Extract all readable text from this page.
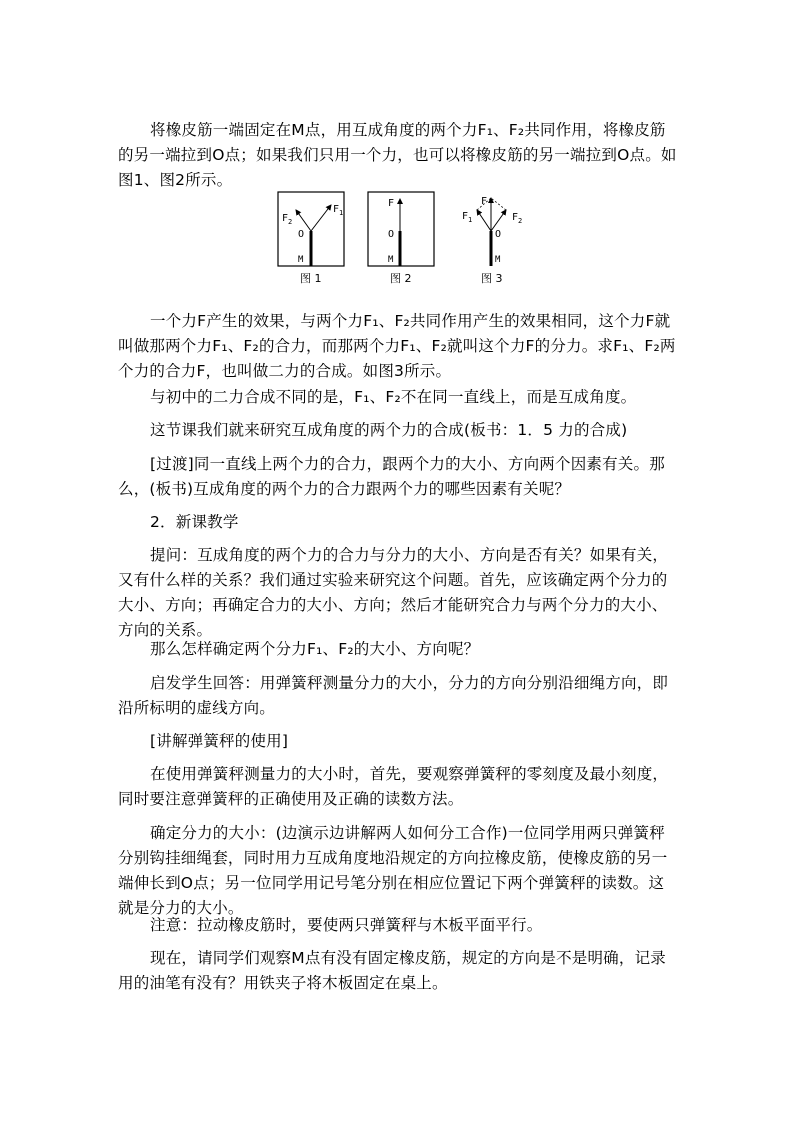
将橡皮筋一端固定在M点，用互成角度的两个力F₁、F₂共同作用，将橡皮筋的另一端拉到O点；如果我们只用一个力，也可以将橡皮筋的另一端拉到O点。如图1、图2所示。

F 2
F 1
O
M
F
O
M
F
F 1	F 2
O
M
图 1	图 2	图 3

一个力F产生的效果，与两个力F₁、F₂共同作用产生的效果相同，这个力F就叫做那两个力F₁、F₂的合力，而那两个力F₁、F₂就叫这个力F的分力。求F₁、F₂两个力的合力F，也叫做二力的合成。如图3所示。

与初中的二力合成不同的是，F₁、F₂不在同一直线上，而是互成角度。

这节课我们就来研究互成角度的两个力的合成(板书：1．5 力的合成)

[过渡]同一直线上两个力的合力，跟两个力的大小、方向两个因素有关。那么，(板书)互成角度的两个力的合力跟两个力的哪些因素有关呢？

2．新课教学

提问：互成角度的两个力的合力与分力的大小、方向是否有关？如果有关，又有什么样的关系？我们通过实验来研究这个问题。首先，应该确定两个分力的大小、方向；再确定合力的大小、方向；然后才能研究合力与两个分力的大小、方向的关系。

那么怎样确定两个分力F₁、F₂的大小、方向呢？

启发学生回答：用弹簧秤测量分力的大小，分力的方向分别沿细绳方向，即沿所标明的虚线方向。

[讲解弹簧秤的使用]

在使用弹簧秤测量力的大小时，首先，要观察弹簧秤的零刻度及最小刻度，同时要注意弹簧秤的正确使用及正确的读数方法。

确定分力的大小：(边演示边讲解两人如何分工合作)一位同学用两只弹簧秤分别钩挂细绳套，同时用力互成角度地沿规定的方向拉橡皮筋，使橡皮筋的另一端伸长到O点；另一位同学用记号笔分别在相应位置记下两个弹簧秤的读数。这就是分力的大小。

注意：拉动橡皮筋时，要使两只弹簧秤与木板平面平行。

现在，请同学们观察M点有没有固定橡皮筋，规定的方向是不是明确，记录用的油笔有没有？用铁夹子将木板固定在桌上。
